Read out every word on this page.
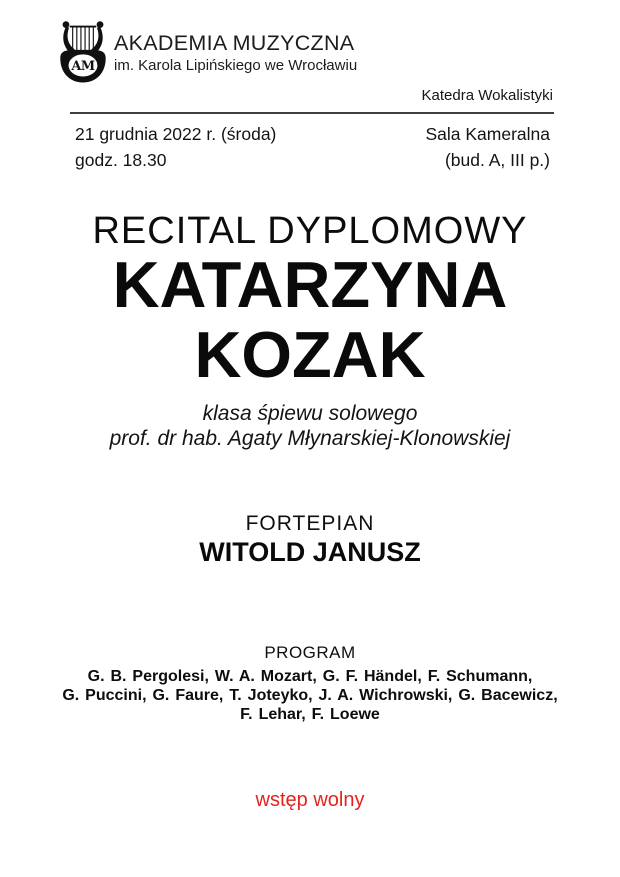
AM
AKADEMIA MUZYCZNA
im. Karola Lipińskiego we Wrocławiu
Katedra Wokalistyki
21 grudnia 2022 r. (środa)
godz. 18.30
Sala Kameralna
(bud. A, III p.)
RECITAL DYPLOMOWY
KATARZYNA
KOZAK
klasa śpiewu solowego
prof. dr hab. Agaty Młynarskiej-Klonowskiej
FORTEPIAN
WITOLD JANUSZ
PROGRAM
G. B. Pergolesi, W. A. Mozart, G. F. Händel, F. Schumann,
G. Puccini, G. Faure, T. Joteyko, J. A. Wichrowski, G. Bacewicz,
F. Lehar, F. Loewe
wstęp wolny
